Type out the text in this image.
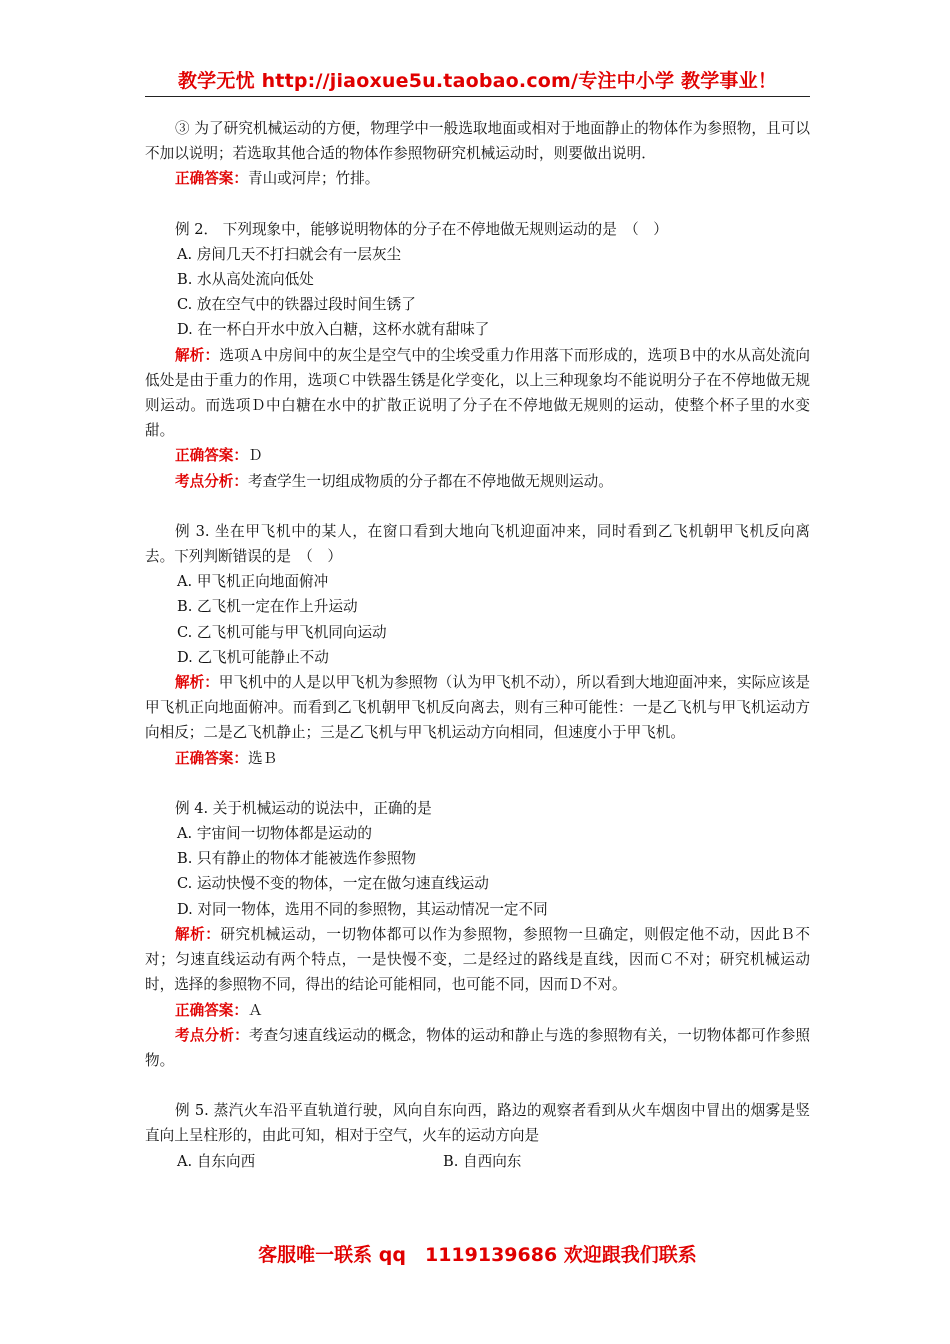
教学无忧 http://jiaoxue5u.taobao.com/专注中小学 教学事业！

③ 为了研究机械运动的方便，物理学中一般选取地面或相对于地面静止的物体作为参照物，且可以不加以说明；若选取其他合适的物体作参照物研究机械运动时，则要做出说明．

正确答案：青山或河岸；竹排。

例 2． 下列现象中，能够说明物体的分子在不停地做无规则运动的是　（　）

A. 房间几天不打扫就会有一层灰尘

B. 水从高处流向低处

C. 放在空气中的铁器过段时间生锈了

D. 在一杯白开水中放入白糖，这杯水就有甜味了

解析：选项Ａ中房间中的灰尘是空气中的尘埃受重力作用落下而形成的，选项Ｂ中的水从高处流向低处是由于重力的作用，选项Ｃ中铁器生锈是化学变化，以上三种现象均不能说明分子在不停地做无规则运动。而选项Ｄ中白糖在水中的扩散正说明了分子在不停地做无规则的运动，使整个杯子里的水变甜。

正确答案：Ｄ

考点分析：考查学生一切组成物质的分子都在不停地做无规则运动。

例 3. 坐在甲飞机中的某人，在窗口看到大地向飞机迎面冲来，同时看到乙飞机朝甲飞机反向离去。下列判断错误的是　（　）

A. 甲飞机正向地面俯冲

B. 乙飞机一定在作上升运动

C. 乙飞机可能与甲飞机同向运动

D. 乙飞机可能静止不动

解析：甲飞机中的人是以甲飞机为参照物（认为甲飞机不动），所以看到大地迎面冲来，实际应该是甲飞机正向地面俯冲。而看到乙飞机朝甲飞机反向离去，则有三种可能性：一是乙飞机与甲飞机运动方向相反；二是乙飞机静止；三是乙飞机与甲飞机运动方向相同，但速度小于甲飞机。

正确答案：选Ｂ

例 4. 关于机械运动的说法中，正确的是

A. 宇宙间一切物体都是运动的

B. 只有静止的物体才能被选作参照物

C. 运动快慢不变的物体，一定在做匀速直线运动

D. 对同一物体，选用不同的参照物，其运动情况一定不同

解析：研究机械运动，一切物体都可以作为参照物，参照物一旦确定，则假定他不动，因此Ｂ不对；匀速直线运动有两个特点，一是快慢不变，二是经过的路线是直线，因而Ｃ不对；研究机械运动时，选择的参照物不同，得出的结论可能相同，也可能不同，因而Ｄ不对。

正确答案：Ａ

考点分析：考查匀速直线运动的概念，物体的运动和静止与选的参照物有关，一切物体都可作参照物。

例 5. 蒸汽火车沿平直轨道行驶，风向自东向西，路边的观察者看到从火车烟囱中冒出的烟雾是竖直向上呈柱形的，由此可知，相对于空气，火车的运动方向是

A. 自东向西	B. 自西向东
客服唯一联系 qq　1119139686 欢迎跟我们联系
